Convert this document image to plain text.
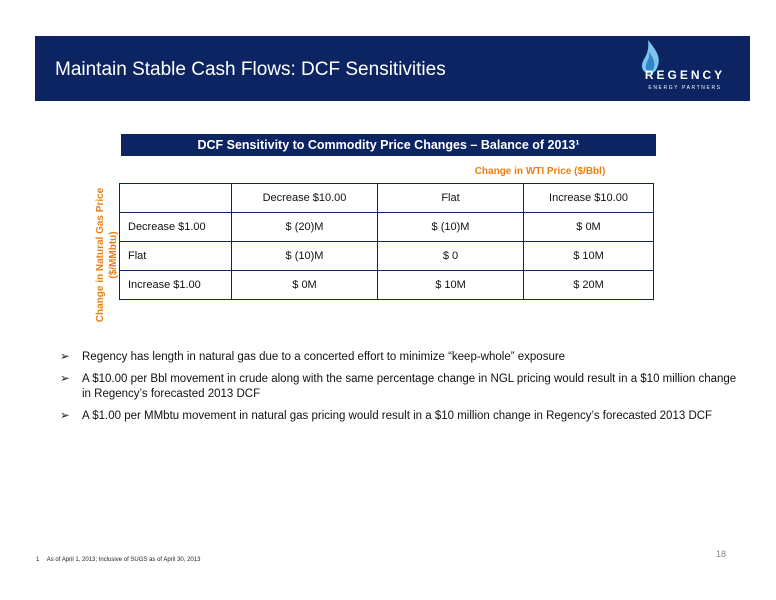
Maintain Stable Cash Flows: DCF Sensitivities	REGENCY
ENERGY PARTNERS
DCF Sensitivity to Commodity Price Changes – Balance of 2013¹
Change in WTI Price ($/Bbl)
Change in Natural Gas Price ($/MMbtu)
	Decrease $10.00	Flat	Increase $10.00
Decrease $1.00	$ (20)M	$ (10)M	$ 0M
Flat	$ (10)M	$ 0	$ 10M
Increase $1.00	$ 0M	$ 10M	$ 20M
➢	Regency has length in natural gas due to a concerted effort to minimize “keep-whole” exposure
➢	A $10.00 per Bbl movement in crude along with the same percentage change in NGL pricing would result in a $10 million change in Regency’s forecasted 2013 DCF
➢	A $1.00 per MMbtu movement in natural gas pricing would result in a $10 million change in Regency’s forecasted 2013 DCF
18
1 As of April 1, 2013; Inclusive of SUGS as of April 30, 2013
